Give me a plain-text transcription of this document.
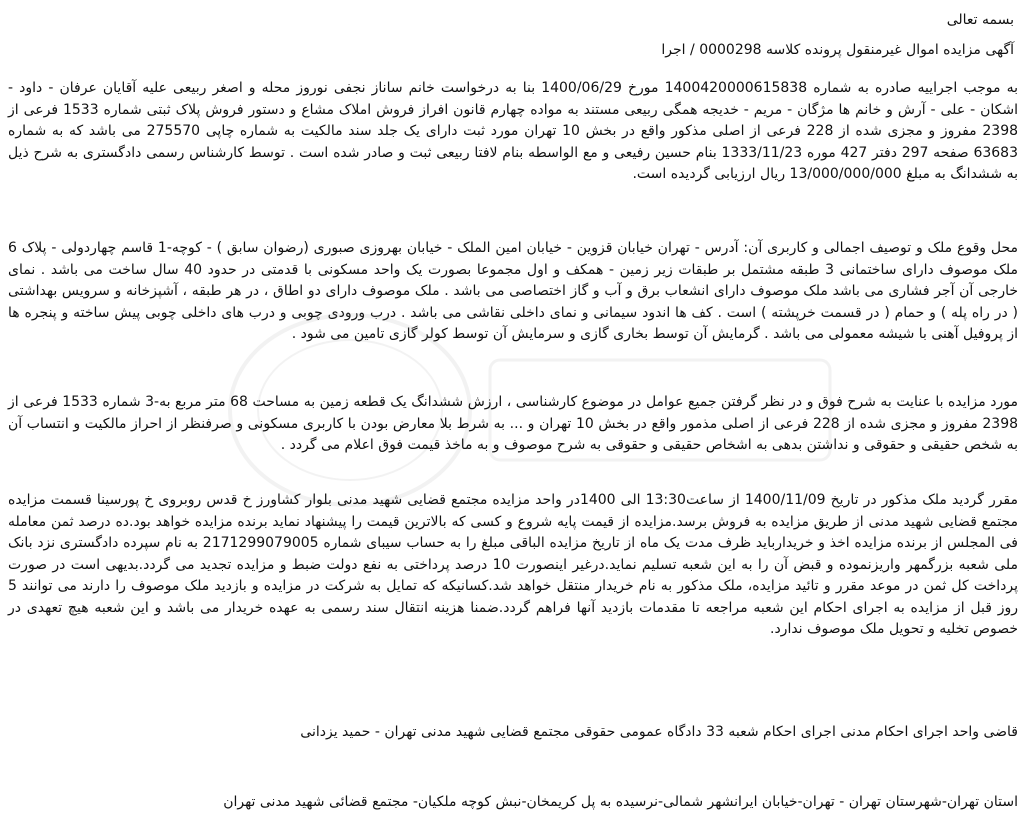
بسمه تعالی
آگهی مزایده اموال غیرمنقول پرونده کلاسه 0000298 / اجرا

به موجب اجراییه صادره به شماره 140042000061583‪8‬ مورخ 1400/06/29 بنا به درخواست خانم ساناز نجفی نوروز محله و اصغر ربیعی علیه آقایان عرفان - داود - اشکان - علی - آرش و خانم ها مژگان - مریم - خدیجه همگی ربیعی مستند به مواده چهارم قانون افراز فروش املاک مشاع و دستور فروش پلاک ثبتی شماره 1533 فرعی از 2398 مفروز و مجزی شده از 228 فرعی از اصلی مذکور واقع در بخش 10 تهران مورد ثبت دارای یک جلد سند مالکیت به شماره چاپی 275570 می باشد که به شماره 63683 صفحه 297 دفتر 427 موره 1333/11/23 بنام حسین رفیعی و مع الواسطه بنام لافتا ربیعی ثبت و صادر شده است . توسط کارشناس رسمی دادگستری به شرح ذیل به ششدانگ به مبلغ 13/000/000/000 ریال ارزیابی گردیده است.

محل وقوع ملک و توصیف اجمالی و کاربری آن: آدرس - تهران خیابان قزوین - خیابان امین الملک - خیابان بهروزی صبوری (رضوان سابق ) - کوچه-1 قاسم چهاردولی - پلاک 6 ملک موصوف دارای ساختمانی 3 طبقه مشتمل بر طبقات زیر زمین - همکف و اول مجموعا بصورت یک واحد مسکونی با قدمتی در حدود 40 سال ساخت می باشد . نمای خارجی آن آجر فشاری می باشد ملک موصوف دارای انشعاب برق و آب و گاز اختصاصی می باشد . ملک موصوف دارای دو اطاق ، در هر طبقه ، آشپزخانه و سرویس بهداشتی ( در راه پله ) و حمام ( در قسمت خرپشته ) است . کف ها اندود سیمانی و نمای داخلی نقاشی می باشد . درب ورودی چوبی و درب های داخلی چوبی پیش ساخته و پنجره ها از پروفیل آهنی با شیشه معمولی می باشد . گرمایش آن توسط بخاری گازی و سرمایش آن توسط کولر گازی تامین می شود .

مورد مزایده با عنایت به شرح فوق و در نظر گرفتن جمیع عوامل در موضوع کارشناسی ، ارزش ششدانگ یک قطعه زمین به مساحت 68 متر مربع به-3 شماره 1533 فرعی از 2398 مفروز و مجزی شده از 228 فرعی از اصلی مذمور واقع در بخش 10 تهران و ... به شرط بلا معارض بودن با کاربری مسکونی و صرفنظر از احراز مالکیت و انتساب آن به شخص حقیقی و حقوقی و نداشتن بدهی به اشخاص حقیقی و حقوقی به شرح موصوف و به ماخذ قیمت فوق اعلام می گردد .

مقرر گردید ملک مذکور در تاریخ 1400/11/09 از ساعت13:30 الی 1400در واحد مزایده مجتمع قضایی شهید مدنی بلوار کشاورز خ قدس روبروی خ پورسینا قسمت مزایده مجتمع قضایی شهید مدنی از طریق مزایده به فروش برسد.مزایده از قیمت پایه شروع و کسی که بالاترین قیمت را پیشنهاد نماید برنده مزایده خواهد بود.ده درصد ثمن معامله فی المجلس از برنده مزایده اخذ و خریدارباید ظرف مدت یک ماه از تاریخ مزایده الباقی مبلغ را به حساب سیبای شماره 2171299079005 به نام سپرده دادگستری نزد بانک ملی شعبه بزرگمهر واریزنموده و قبض آن را به این شعبه تسلیم نماید.درغیر اینصورت 10 درصد پرداختی به نفع دولت ضبط و مزایده تجدید می گردد.بدیهی است در صورت پرداخت کل ثمن در موعد مقرر و تائید مزایده، ملک مذکور به نام خریدار منتقل خواهد شد.کسانیکه که تمایل به شرکت در مزایده و بازدید ملک موصوف را دارند می توانند 5 روز قبل از مزایده به اجرای احکام این شعبه مراجعه تا مقدمات بازدید آنها فراهم گردد.ضمنا هزینه انتقال سند رسمی به عهده خریدار می باشد و این شعبه هیچ تعهدی در خصوص تخلیه و تحویل ملک موصوف ندارد.

قاضی واحد اجرای احکام مدنی اجرای احکام شعبه 33 دادگاه عمومی حقوقی مجتمع قضایی شهید مدنی تهران - حمید یزدانی
استان تهران-شهرستان تهران - تهران-خیابان ایرانشهر شمالی-نرسیده به پل کریمخان-نبش کوچه ملکیان- مجتمع قضائی شهید مدنی تهران
